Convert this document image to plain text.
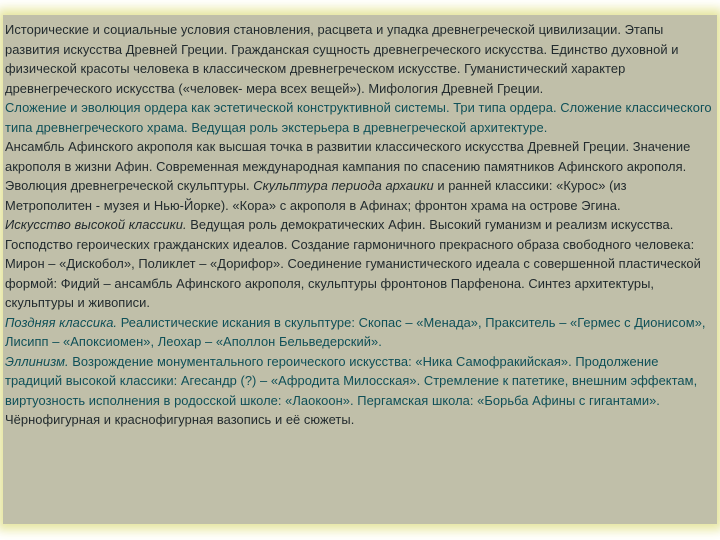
Исторические и социальные условия становления, расцвета и упадка древнегреческой цивилизации. Этапы развития искусства Древней Греции. Гражданская сущность древнегреческого искусства. Единство духовной и физической красоты человека в классическом древнегреческом искусстве. Гуманистический характер древнегреческого искусства («человек- мера всех вещей»). Мифология Древней Греции.

Сложение и эволюция ордера как эстетической конструктивной системы. Три типа ордера. Сложение классического типа древнегреческого храма. Ведущая роль экстерьера в древнегреческой архитектуре.

Ансамбль Афинского акрополя как высшая точка в развитии классического искусства Древней Греции. Значение акрополя в жизни Афин. Современная международная кампания по спасению памятников Афинского акрополя.

Эволюция древнегреческой скульптуры. Скульптура периода архаики и ранней классики: «Курос» (из Метрополитен - музея и Нью-Йорке). «Кора» с акрополя в Афинах; фронтон храма на острове Эгина.

Искусство высокой классики. Ведущая роль демократических Афин. Высокий гуманизм и реализм искусства. Господство героических гражданских идеалов. Создание гармоничного прекрасного образа свободного человека: Мирон – «Дискобол», Поликлет – «Дорифор». Соединение гуманистического идеала с совершенной пластической формой: Фидий – ансамбль Афинского акрополя, скульптуры фронтонов Парфенона. Синтез архитектуры, скульптуры и живописи.

Поздняя классика. Реалистические искания в скульптуре: Скопас – «Менада», Пракситель – «Гермес с Дионисом», Лисипп – «Апоксиомен», Леохар – «Аполлон Бельведерский».

Эллинизм. Возрождение монументального героического искусства: «Ника Самофракийская». Продолжение традиций высокой классики: Агесандр (?) – «Афродита Милосская». Стремление к патетике, внешним эффектам, виртуозность исполнения в родосской школе: «Лаокоон». Пергамская школа: «Борьба Афины с гигантами».

Чёрнофигурная и краснофигурная вазопись и её сюжеты.
